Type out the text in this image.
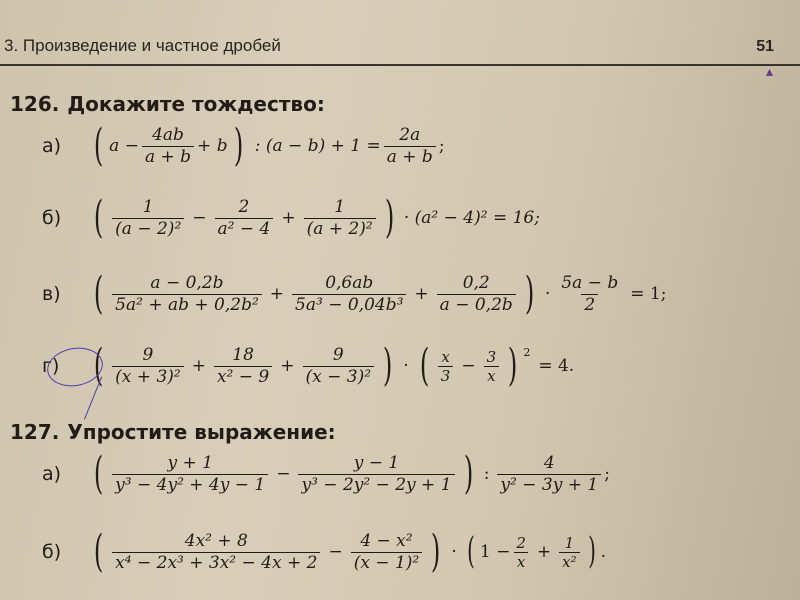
3. Произведение и частное дробей	51
▴
126. Докажите тождество:
а) ( $a - \frac{4ab}{a + b} + b$ ) : $(a - b) + 1 = \frac{2a}{a + b}$ ;
б) ( $\frac{1}{\text{(a − 2)²}} - \frac{2}{\text{a² − 4}} + \frac{1}{\text{(a + 2)²}}$ ) · (a² − 4)² = 16;
в) ( $\frac{a - 0,2b}{\text{5a² + ab + 0,2b²}} + \frac{0,6ab}{\text{5a³ − 0,04b³}} + \frac{0,2}{a - 0,2b}$ ) · $\frac{5a - b}{2} = 1$;
г) ( $\frac{9}{\text{(x + 3)²}} + \frac{18}{\text{x² − 9}} + \frac{9}{\text{(x − 3)²}}$ ) · ( $\frac{x}{3} - \frac{3}{x}$ ) $^2$
= 4.
127. Упростите выражение:
а) ( $\frac{y + 1}{\text{y³ − 4y² + 4y − 1}} - \frac{y - 1}{\text{y³ − 2y² − 2y + 1}}$ ) : $\frac{4}{\text{y² − 3y + 1}}$ ;
б) ( $\frac{\text{4x² + 8}}{\text{x⁴ − 2x³ + 3x² − 4x + 2}} - \frac{\text{4 − x²}}{\text{(x − 1)²}}$ ) · ( $1 - \frac{2}{x} + \frac{1}{\text{x²}}$ ) .
